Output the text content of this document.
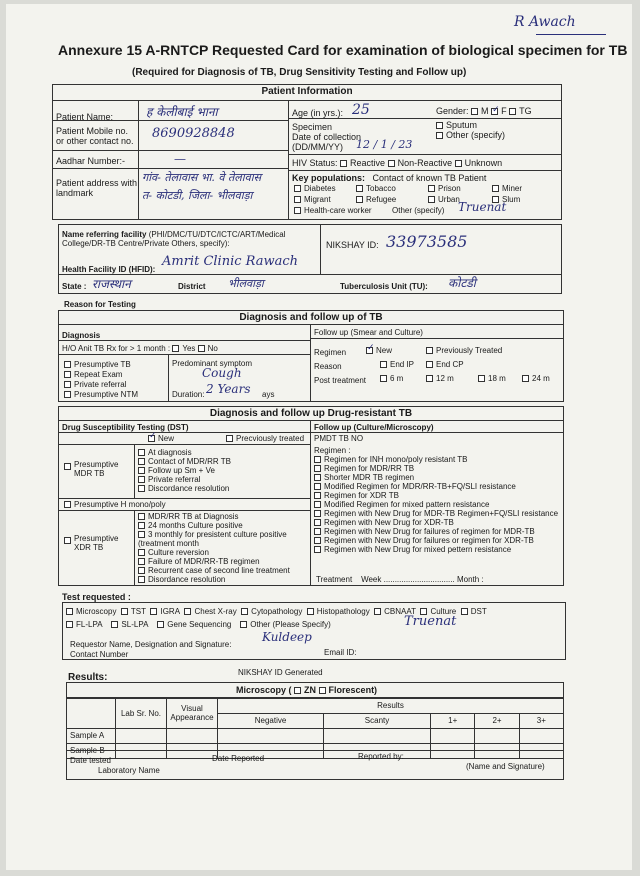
R Awach
Annexure 15 A-RNTCP Requested Card for examination of biological specimen for TB
(Required for Diagnosis of TB, Drug Sensitivity Testing and Follow up)
Patient Information
Patient Name:	ह केलीबाई भाना	Age (in yrs.): 25	Gender: M ✓ F TG
Patient Mobile no. or other contact no. 8690928848	Specimen	Sputum
Other (specify)
Date of collection (DD/MM/YY)	12 / 1 / 23
Aadhar Number:-	—	HIV Status: Reactive Non-Reactive Unknown
Patient address with landmark
गांव- तेलावास भा. वे तेलावास
त- कोटडी, जिला- भीलवाड़ा
Key populations: Contact of known TB Patient
Diabetes	Tobacco	Prison	Miner
Migrant	Refugee	Urban	Slum
Health-care worker	Other (specify) Truenat
Name referring facility (PHI/DMC/TU/DTC/ICTC/ART/Medical College/DR-TB Centre/Private Others, specify):
Health Facility ID (HFID):
Amrit Clinic Rawach
NIKSHAY ID: 33973585
State : राजस्थान	District भीलवाड़ा	Tuberculosis Unit (TU): कोटडी
Reason for Testing
Diagnosis and follow up of TB
Diagnosis
H/O Anit TB Rx for > 1 month : Yes No
Presumptive TB
Repeat Exam
Private referral
Presumptive NTM
Predominant symptom
Cough
Duration: 2 Years ays
Follow up (Smear and Culture)
Regimen ✓	New	Previously Treated
Reason	End IP	End CP
Post treatment	6 m	12 m	18 m	24 m
Diagnosis and follow up Drug-resistant TB
Drug Susceptibility Testing (DST)
✓New	Precviously treated
Presumptive MDR TB
At diagnosis
Contact of MDR/RR TB
Follow up Sm + Ve
Private referral
Discordance resolution
Presumptive H mono/poly
Presumptive XDR TB
MDR/RR TB at Diagnosis
24 months Culture positive
3 monthly for presistent culture positive (treatment month
Culture reversion
Failure of MDR/RR-TB regimen
Recurrent case of second line treatment
Disordance resolution
Follow up (Culture/Microscopy)
PMDT TB NO
Regimen :
Regimen for INH mono/poly resistant TB
Regimen for MDR/RR TB
Shorter MDR TB regimen
Modified Regimen for MDR/RR-TB+FQ/SLI resistance
Regimen for XDR TB
Modified Regimen for mixed pattern resistance
Regimen with New Drug for MDR-TB Regimen+FQ/SLI resistance
Regimen with New Drug for XDR-TB
Regimen with New Drug for failures of regimen for MDR-TB
Regimen with New Drug for failures or regimen for XDR-TB
Regimen with New Drug for mixed pettern resistance
Treatment Week ................................ Month :
Test requested :
Microscopy TST IGRA Chest X-ray Cytopathology Histopathology CBNAAT Culture DST
FL-LPA SL-LPA Gene Sequencing Other (Please Specify)	Truenat
Requestor Name, Designation and Signature:
Kuldeep
Contact Number	Email ID:
Results:	NIKSHAY ID Generated
Microscopy ( ZN Florescent)
	Lab Sr. No.	Visual Appearance	Results				
			Negative	Scanty	1+	2+	3+
Sample A							
Sample B							
Date tested	Date Reported	Reported by:
Laboratory Name	(Name and Signature)
